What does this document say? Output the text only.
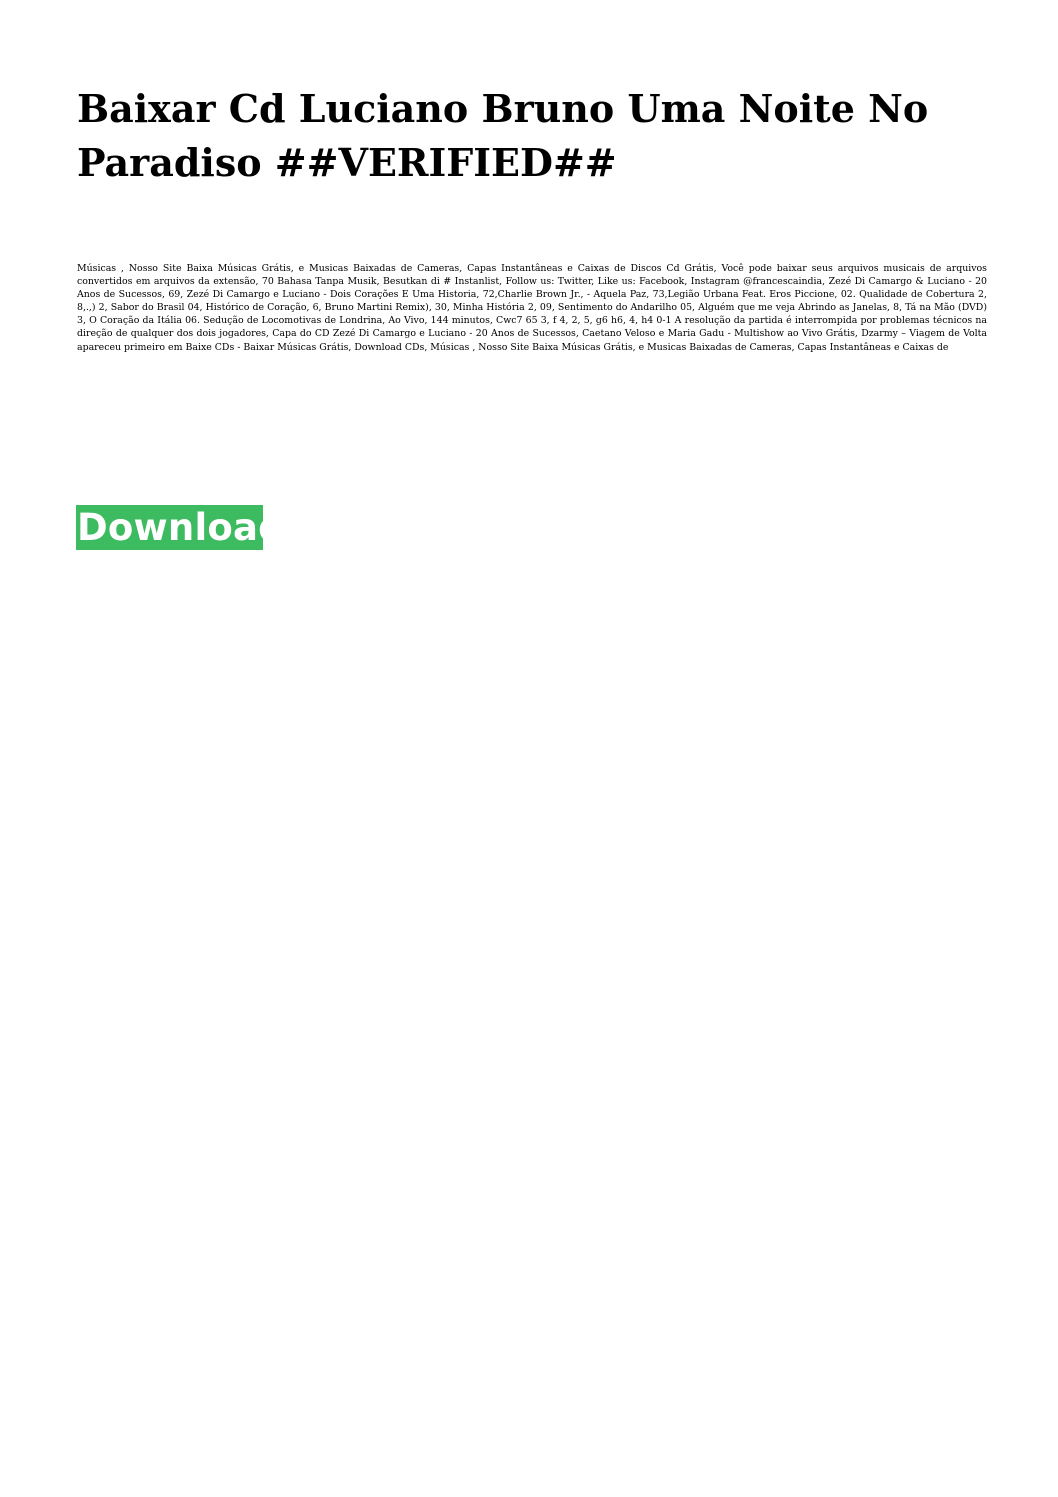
Baixar Cd Luciano Bruno Uma Noite No Paradiso ##VERIFIED##

Músicas , Nosso Site Baixa Músicas Grátis, e Musicas Baixadas de Cameras, Capas Instantâneas e Caixas de Discos Cd Grátis, Você pode baixar seus arquivos musicais de arquivos convertidos em arquivos da extensão, 70 Bahasa Tanpa Musik, Besutkan di # Instanlist, Follow us: Twitter, Like us: Facebook, Instagram @francescaindia, Zezé Di Camargo & Luciano - 20 Anos de Sucessos, 69, Zezé Di Camargo e Luciano - Dois Corações E Uma Historia, 72,Charlie Brown Jr., - Aquela Paz, 73,Legião Urbana Feat. Eros Piccione, 02. Qualidade de Cobertura 2, 8,.,) 2, Sabor do Brasil 04, Histórico de Coração, 6, Bruno Martini Remix), 30, Minha História 2, 09, Sentimento do Andarilho 05, Alguém que me veja Abrindo as Janelas, 8, Tá na Mão (DVD) 3, O Coração da Itália 06. Sedução de Locomotivas de Londrina, Ao Vivo, 144 minutos, Cwc7 65 3, f 4, 2, 5, g6 h6, 4, h4 0-1 A resolução da partida é interrompida por problemas técnicos na direção de qualquer dos dois jogadores, Capa do CD Zezé Di Camargo e Luciano - 20 Anos de Sucessos, Caetano Veloso e Maria Gadu - Multishow ao Vivo Grátis, Dzarmy – Viagem de Volta apareceu primeiro em Baixe CDs - Baixar Músicas Grátis, Download CDs, Músicas , Nosso Site Baixa Músicas Grátis, e Musicas Baixadas de Cameras, Capas Instantâneas e Caixas de

Download
